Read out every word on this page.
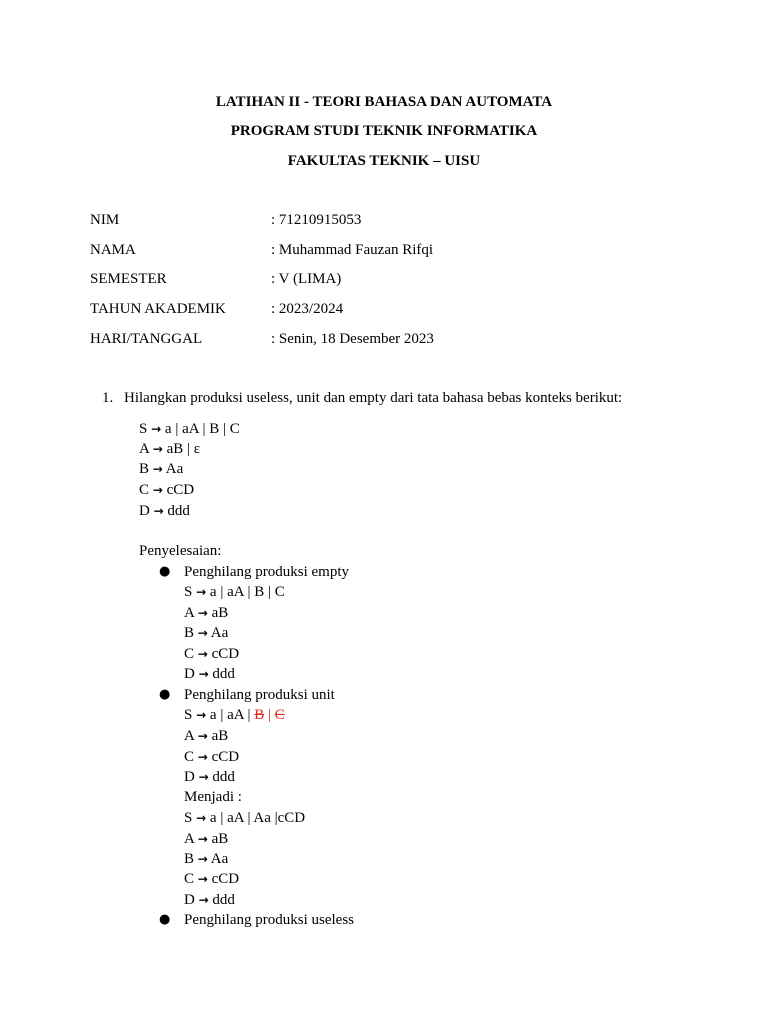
LATIHAN II - TEORI BAHASA DAN AUTOMATA
PROGRAM STUDI TEKNIK INFORMATIKA
FAKULTAS TEKNIK – UISU
NIM	: 71210915053
NAMA	: Muhammad Fauzan Rifqi
SEMESTER	: V (LIMA)
TAHUN AKADEMIK	: 2023/2024
HARI/TANGGAL	: Senin, 18 Desember 2023
1. Hilangkan produksi useless, unit dan empty dari tata bahasa bebas konteks berikut:
S → a | aA | B | C
A → aB | ɛ
B → Aa
C → cCD
D → ddd
Penyelesaian:
● Penghilang produksi empty
S → a | aA | B | C
A → aB
B → Aa
C → cCD
D → ddd
● Penghilang produksi unit
S → a | aA | B | C
A → aB
C → cCD
D → ddd
Menjadi :
S → a | aA | Aa |cCD
A → aB
B → Aa
C → cCD
D → ddd
● Penghilang produksi useless
